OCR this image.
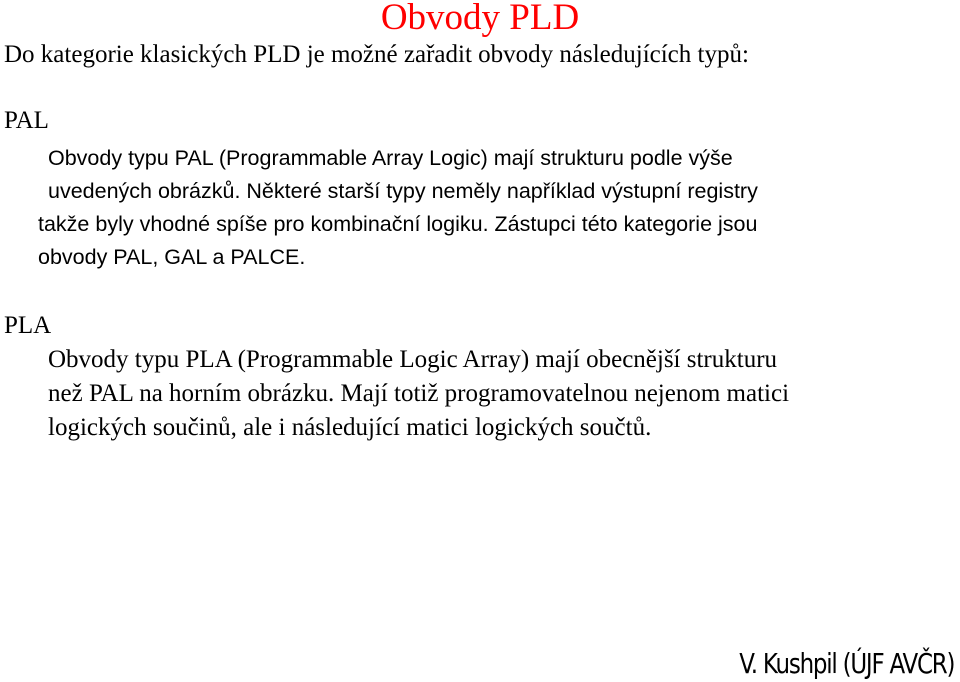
Obvody PLD
Do kategorie klasických PLD je možné zařadit obvody následujících typů:
PAL
Obvody typu PAL (Programmable Array Logic) mají strukturu podle výše
uvedených obrázků. Některé starší typy neměly například výstupní registry
takže byly vhodné spíše pro kombinační logiku. Zástupci této kategorie jsou
obvody PAL, GAL a PALCE.
PLA
Obvody typu PLA (Programmable Logic Array) mají obecnější strukturu
než PAL na horním obrázku. Mají totiž programovatelnou nejenom matici
logických součinů, ale i následující matici logických součtů.
V. Kushpil (ÚJF AVČR)
